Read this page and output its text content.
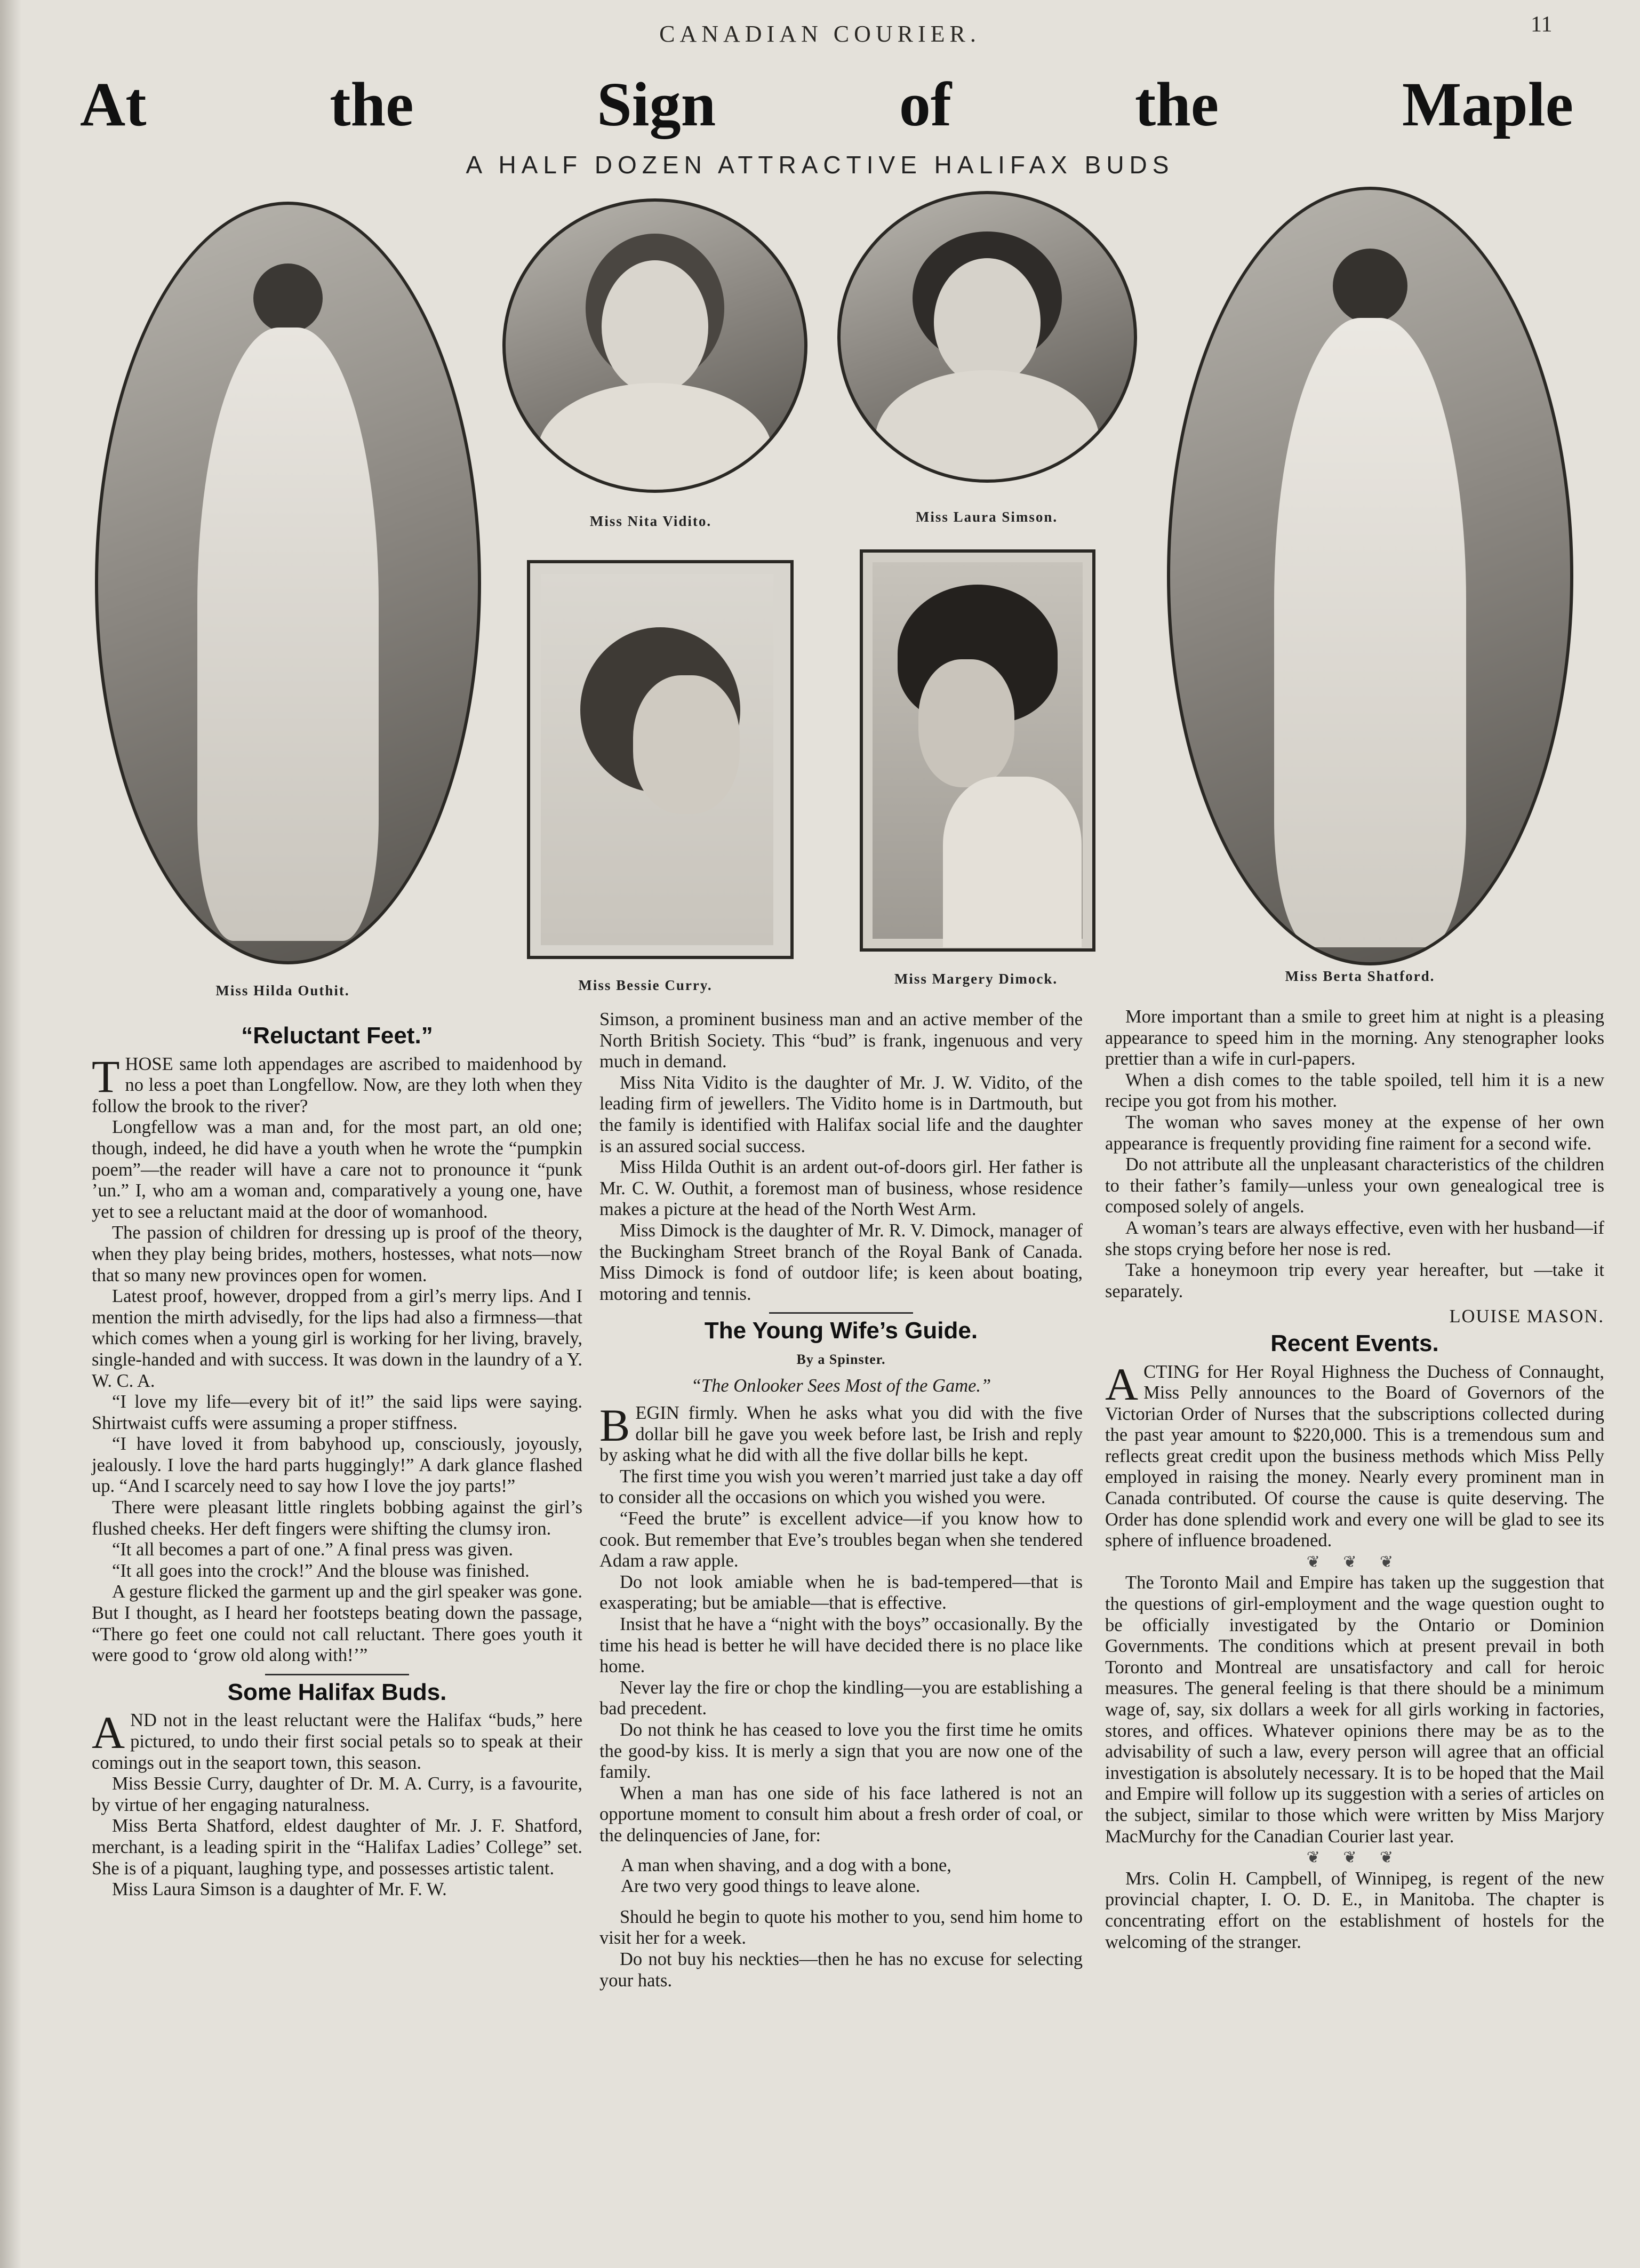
CANADIAN COURIER.	11
At	the	Sign	of	the	Maple
A HALF DOZEN ATTRACTIVE HALIFAX BUDS
Miss Hilda Outhit.
Miss Nita Vidito.	Miss Laura Simson.
Miss Bessie Curry.	Miss Margery Dimock.	Miss Berta Shatford.
“Reluctant Feet.”

THOSE same loth appendages are ascribed to maidenhood by no less a poet than Longfellow. Now, are they loth when they follow the brook to the river?

Longfellow was a man and, for the most part, an old one; though, indeed, he did have a youth when he wrote the “pumpkin poem”—the reader will have a care not to pronounce it “punk ’un.” I, who am a woman and, comparatively a young one, have yet to see a reluctant maid at the door of womanhood.

The passion of children for dressing up is proof of the theory, when they play being brides, mothers, hostesses, what nots—now that so many new provinces open for women.

Latest proof, however, dropped from a girl’s merry lips. And I mention the mirth advisedly, for the lips had also a firmness—that which comes when a young girl is working for her living, bravely, single-handed and with success. It was down in the laundry of a Y. W. C. A.

“I love my life—every bit of it!” the said lips were saying. Shirtwaist cuffs were assuming a proper stiffness.

“I have loved it from babyhood up, consciously, joyously, jealously. I love the hard parts huggingly!” A dark glance flashed up. “And I scarcely need to say how I love the joy parts!”

There were pleasant little ringlets bobbing against the girl’s flushed cheeks. Her deft fingers were shifting the clumsy iron.

“It all becomes a part of one.” A final press was given.

“It all goes into the crock!” And the blouse was finished.

A gesture flicked the garment up and the girl speaker was gone. But I thought, as I heard her footsteps beating down the passage, “There go feet one could not call reluctant. There goes youth it were good to ‘grow old along with!’”

Some Halifax Buds.

AND not in the least reluctant were the Halifax “buds,” here pictured, to undo their first social petals so to speak at their comings out in the seaport town, this season.

Miss Bessie Curry, daughter of Dr. M. A. Curry, is a favourite, by virtue of her engaging naturalness.

Miss Berta Shatford, eldest daughter of Mr. J. F. Shatford, merchant, is a leading spirit in the “Halifax Ladies’ College” set. She is of a piquant, laughing type, and possesses artistic talent.

Miss Laura Simson is a daughter of Mr. F. W.

Simson, a prominent business man and an active member of the North British Society. This “bud” is frank, ingenuous and very much in demand.

Miss Nita Vidito is the daughter of Mr. J. W. Vidito, of the leading firm of jewellers. The Vidito home is in Dartmouth, but the family is identified with Halifax social life and the daughter is an assured social success.

Miss Hilda Outhit is an ardent out-of-doors girl. Her father is Mr. C. W. Outhit, a foremost man of business, whose residence makes a picture at the head of the North West Arm.

Miss Dimock is the daughter of Mr. R. V. Dimock, manager of the Buckingham Street branch of the Royal Bank of Canada. Miss Dimock is fond of outdoor life; is keen about boating, motoring and tennis.

The Young Wife’s Guide.
By a Spinster.
“The Onlooker Sees Most of the Game.”

BEGIN firmly. When he asks what you did with the five dollar bill he gave you week before last, be Irish and reply by asking what he did with all the five dollar bills he kept.

The first time you wish you weren’t married just take a day off to consider all the occasions on which you wished you were.

“Feed the brute” is excellent advice—if you know how to cook. But remember that Eve’s troubles began when she tendered Adam a raw apple.

Do not look amiable when he is bad-tempered—that is exasperating; but be amiable—that is effective.

Insist that he have a “night with the boys” occasionally. By the time his head is better he will have decided there is no place like home.

Never lay the fire or chop the kindling—you are establishing a bad precedent.

Do not think he has ceased to love you the first time he omits the good-by kiss. It is merly a sign that you are now one of the family.

When a man has one side of his face lathered is not an opportune moment to consult him about a fresh order of coal, or the delinquencies of Jane, for:

A man when shaving, and a dog with a bone,
Are two very good things to leave alone.

Should he begin to quote his mother to you, send him home to visit her for a week.

Do not buy his neckties—then he has no excuse for selecting your hats.

More important than a smile to greet him at night is a pleasing appearance to speed him in the morning. Any stenographer looks prettier than a wife in curl-papers.

When a dish comes to the table spoiled, tell him it is a new recipe you got from his mother.

The woman who saves money at the expense of her own appearance is frequently providing fine raiment for a second wife.

Do not attribute all the unpleasant characteristics of the children to their father’s family—unless your own genealogical tree is composed solely of angels.

A woman’s tears are always effective, even with her husband—if she stops crying before her nose is red.

Take a honeymoon trip every year hereafter, but —take it separately.

LOUISE MASON.
Recent Events.

ACTING for Her Royal Highness the Duchess of Connaught, Miss Pelly announces to the Board of Governors of the Victorian Order of Nurses that the subscriptions collected during the past year amount to $220,000. This is a tremendous sum and reflects great credit upon the business methods which Miss Pelly employed in raising the money. Nearly every prominent man in Canada contributed. Of course the cause is quite deserving. The Order has done splendid work and every one will be glad to see its sphere of influence broadened.

❦ ❦ ❦

The Toronto Mail and Empire has taken up the suggestion that the questions of girl-employment and the wage question ought to be officially investigated by the Ontario or Dominion Governments. The conditions which at present prevail in both Toronto and Montreal are unsatisfactory and call for heroic measures. The general feeling is that there should be a minimum wage of, say, six dollars a week for all girls working in factories, stores, and offices. Whatever opinions there may be as to the advisability of such a law, every person will agree that an official investigation is absolutely necessary. It is to be hoped that the Mail and Empire will follow up its suggestion with a series of articles on the subject, similar to those which were written by Miss Marjory MacMurchy for the Canadian Courier last year.

❦ ❦ ❦

Mrs. Colin H. Campbell, of Winnipeg, is regent of the new provincial chapter, I. O. D. E., in Manitoba. The chapter is concentrating effort on the establishment of hostels for the welcoming of the stranger.
